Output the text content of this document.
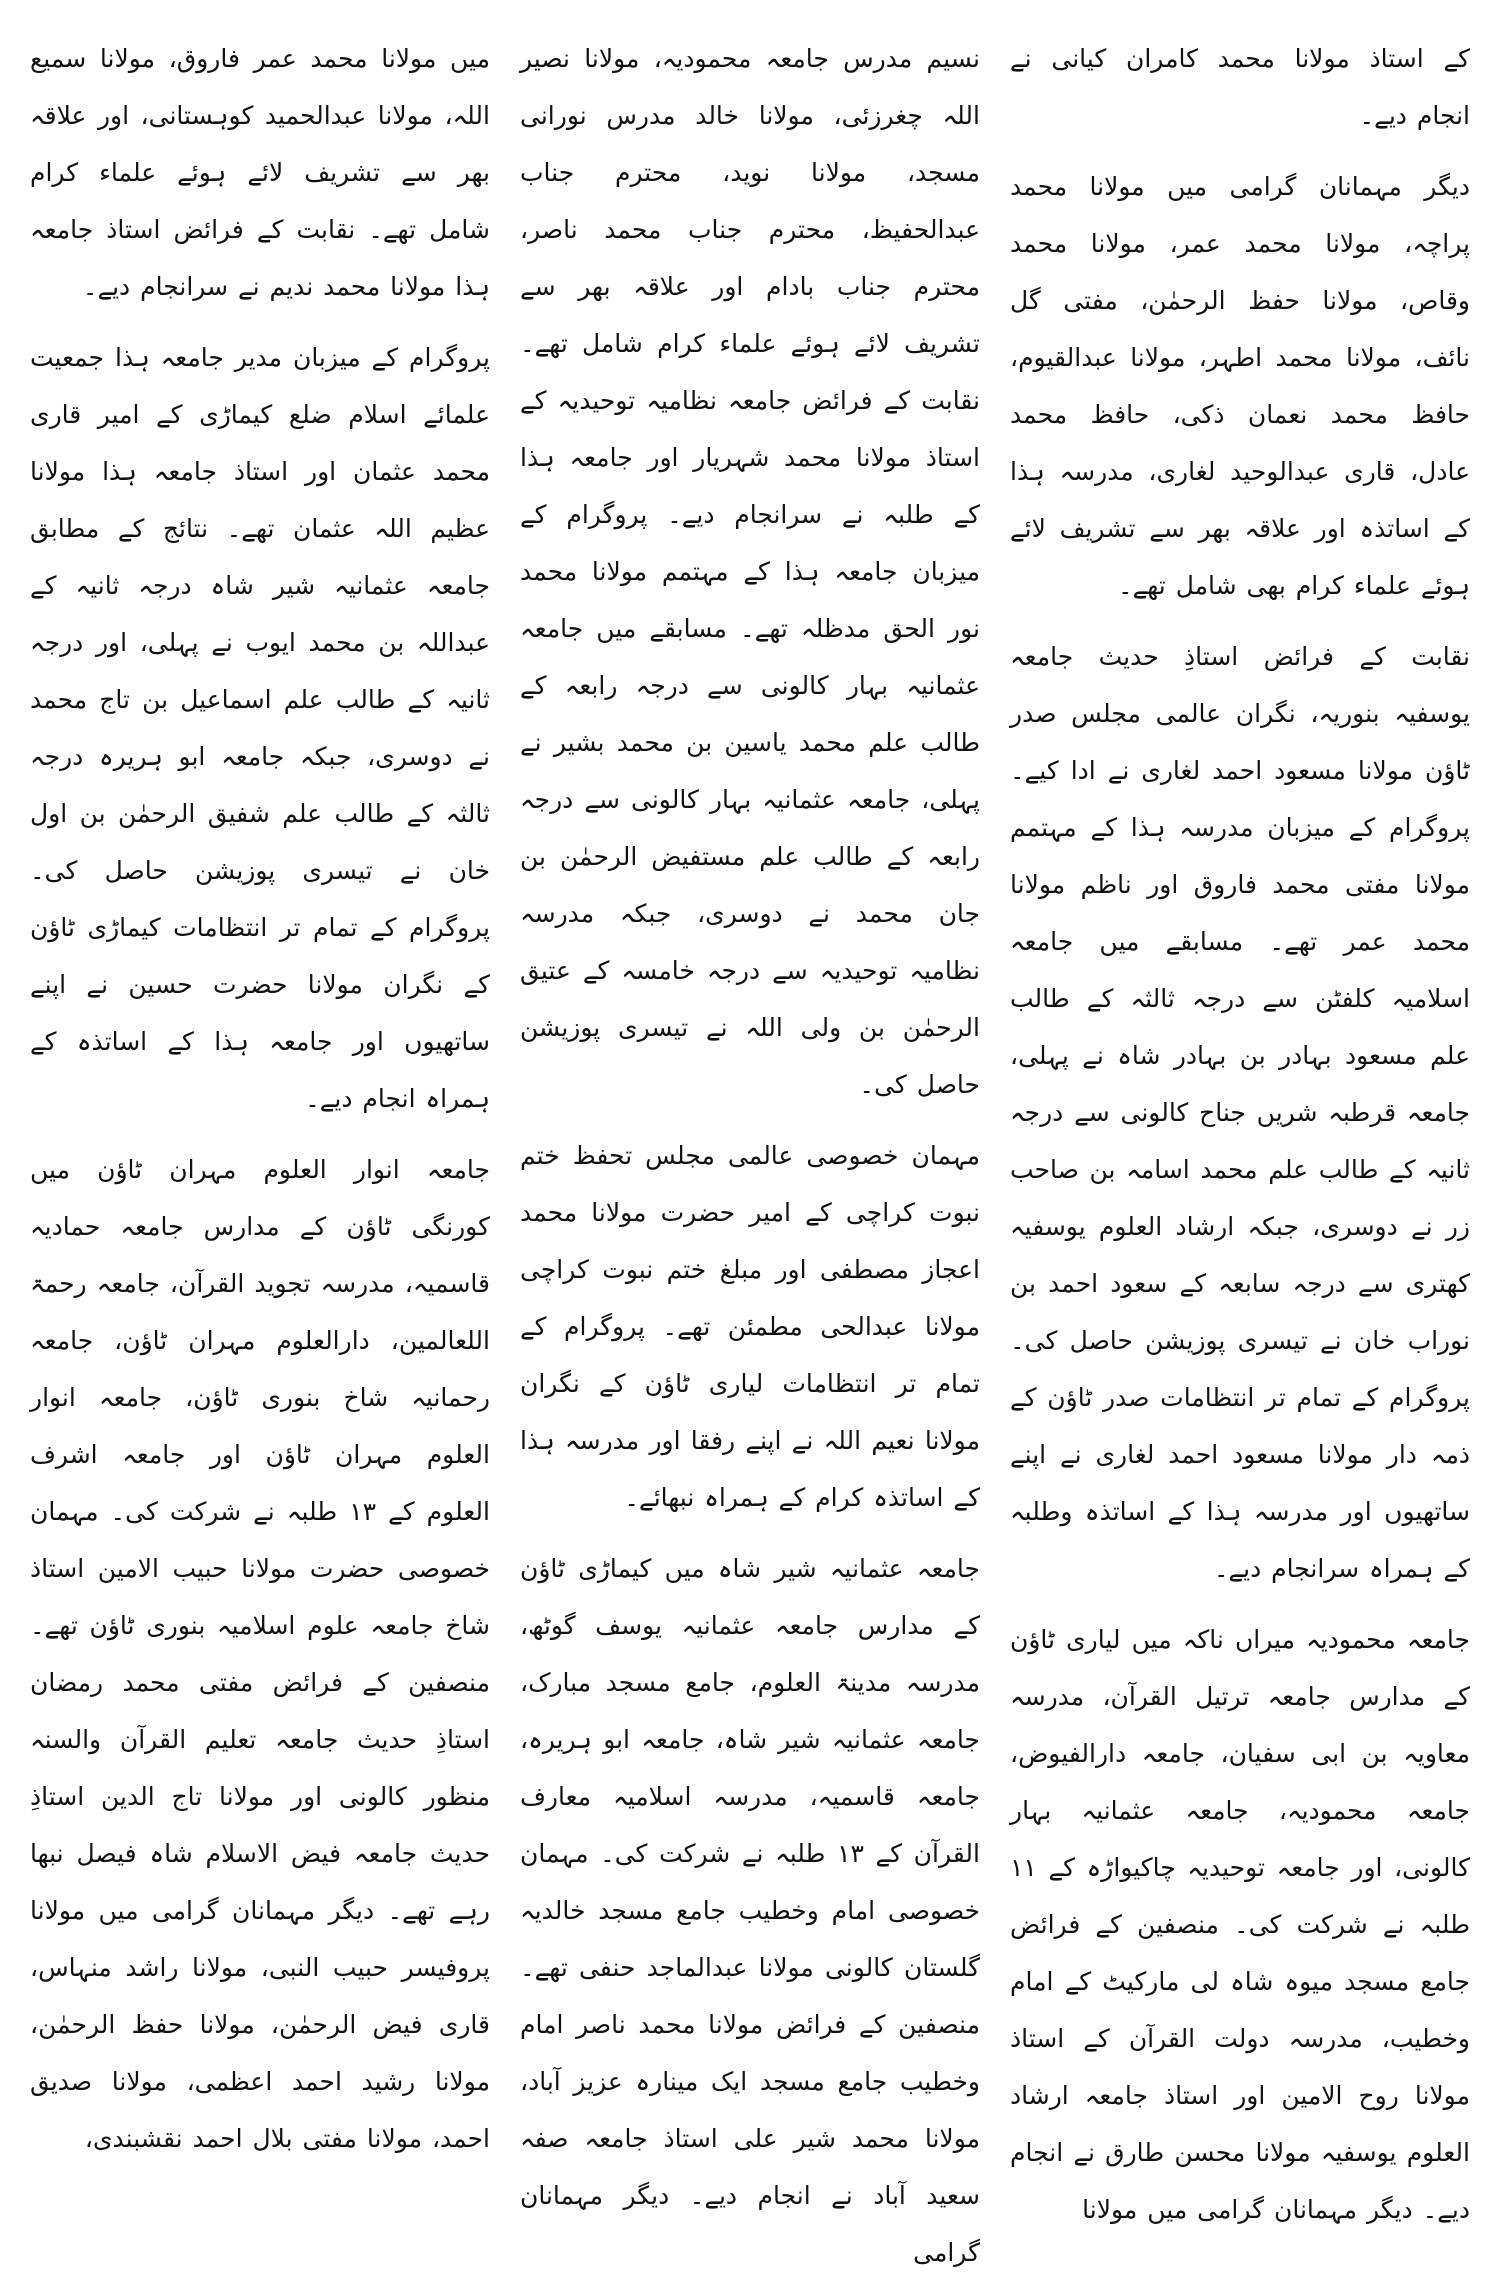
کے استاذ مولانا محمد کامران کیانی نے انجام دیے۔

دیگر مہمانان گرامی میں مولانا محمد پراچہ، مولانا محمد عمر، مولانا محمد وقاص، مولانا حفظ الرحمٰن، مفتی گل نائف، مولانا محمد اطہر، مولانا عبدالقیوم، حافظ محمد نعمان ذکی، حافظ محمد عادل، قاری عبدالوحید لغاری، مدرسہ ہذا کے اساتذہ اور علاقہ بھر سے تشریف لائے ہوئے علماء کرام بھی شامل تھے۔

نقابت کے فرائض استاذِ حدیث جامعہ یوسفیہ بنوریہ، نگران عالمی مجلس صدر ٹاؤن مولانا مسعود احمد لغاری نے ادا کیے۔ پروگرام کے میزبان مدرسہ ہذا کے مہتمم مولانا مفتی محمد فاروق اور ناظم مولانا محمد عمر تھے۔ مسابقے میں جامعہ اسلامیہ کلفٹن سے درجہ ثالثہ کے طالب علم مسعود بہادر بن بہادر شاہ نے پہلی، جامعہ قرطبہ شریں جناح کالونی سے درجہ ثانیہ کے طالب علم محمد اسامہ بن صاحب زر نے دوسری، جبکہ ارشاد العلوم یوسفیہ کھتری سے درجہ سابعہ کے سعود احمد بن نوراب خان نے تیسری پوزیشن حاصل کی۔ پروگرام کے تمام تر انتظامات صدر ٹاؤن کے ذمہ دار مولانا مسعود احمد لغاری نے اپنے ساتھیوں اور مدرسہ ہذا کے اساتذہ وطلبہ کے ہمراہ سرانجام دیے۔

جامعہ محمودیہ میراں ناکہ میں لیاری ٹاؤن کے مدارس جامعہ ترتیل القرآن، مدرسہ معاویہ بن ابی سفیان، جامعہ دارالفیوض، جامعہ محمودیہ، جامعہ عثمانیہ بہار کالونی، اور جامعہ توحیدیہ چاکیواڑہ کے ۱۱ طلبہ نے شرکت کی۔ منصفین کے فرائض جامع مسجد میوہ شاہ لی مارکیٹ کے امام وخطیب، مدرسہ دولت القرآن کے استاذ مولانا روح الامین اور استاذ جامعہ ارشاد العلوم یوسفیہ مولانا محسن طارق نے انجام دیے۔ دیگر مہمانان گرامی میں مولانا

نسیم مدرس جامعہ محمودیہ، مولانا نصیر اللہ چغرزئی، مولانا خالد مدرس نورانی مسجد، مولانا نوید، محترم جناب عبدالحفیظ، محترم جناب محمد ناصر، محترم جناب بادام اور علاقہ بھر سے تشریف لائے ہوئے علماء کرام شامل تھے۔ نقابت کے فرائض جامعہ نظامیہ توحیدیہ کے استاذ مولانا محمد شہریار اور جامعہ ہذا کے طلبہ نے سرانجام دیے۔ پروگرام کے میزبان جامعہ ہذا کے مہتمم مولانا محمد نور الحق مدظلہ تھے۔ مسابقے میں جامعہ عثمانیہ بہار کالونی سے درجہ رابعہ کے طالب علم محمد یاسین بن محمد بشیر نے پہلی، جامعہ عثمانیہ بہار کالونی سے درجہ رابعہ کے طالب علم مستفیض الرحمٰن بن جان محمد نے دوسری، جبکہ مدرسہ نظامیہ توحیدیہ سے درجہ خامسہ کے عتیق الرحمٰن بن ولی اللہ نے تیسری پوزیشن حاصل کی۔

مہمان خصوصی عالمی مجلس تحفظ ختم نبوت کراچی کے امیر حضرت مولانا محمد اعجاز مصطفی اور مبلغ ختم نبوت کراچی مولانا عبدالحی مطمئن تھے۔ پروگرام کے تمام تر انتظامات لیاری ٹاؤن کے نگران مولانا نعیم اللہ نے اپنے رفقا اور مدرسہ ہذا کے اساتذہ کرام کے ہمراہ نبھائے۔

جامعہ عثمانیہ شیر شاہ میں کیماڑی ٹاؤن کے مدارس جامعہ عثمانیہ یوسف گوٹھ، مدرسہ مدینۃ العلوم، جامع مسجد مبارک، جامعہ عثمانیہ شیر شاہ، جامعہ ابو ہریرہ، جامعہ قاسمیہ، مدرسہ اسلامیہ معارف القرآن کے ۱۳ طلبہ نے شرکت کی۔ مہمان خصوصی امام وخطیب جامع مسجد خالدیہ گلستان کالونی مولانا عبدالماجد حنفی تھے۔ منصفین کے فرائض مولانا محمد ناصر امام وخطیب جامع مسجد ایک مینارہ عزیز آباد، مولانا محمد شیر علی استاذ جامعہ صفہ سعید آباد نے انجام دیے۔ دیگر مہمانان گرامی

میں مولانا محمد عمر فاروق، مولانا سمیع اللہ، مولانا عبدالحمید کوہستانی، اور علاقہ بھر سے تشریف لائے ہوئے علماء کرام شامل تھے۔ نقابت کے فرائض استاذ جامعہ ہذا مولانا محمد ندیم نے سرانجام دیے۔

پروگرام کے میزبان مدیر جامعہ ہذا جمعیت علمائے اسلام ضلع کیماڑی کے امیر قاری محمد عثمان اور استاذ جامعہ ہذا مولانا عظیم اللہ عثمان تھے۔ نتائج کے مطابق جامعہ عثمانیہ شیر شاہ درجہ ثانیہ کے عبداللہ بن محمد ایوب نے پہلی، اور درجہ ثانیہ کے طالب علم اسماعیل بن تاج محمد نے دوسری، جبکہ جامعہ ابو ہریرہ درجہ ثالثہ کے طالب علم شفیق الرحمٰن بن اول خان نے تیسری پوزیشن حاصل کی۔ پروگرام کے تمام تر انتظامات کیماڑی ٹاؤن کے نگران مولانا حضرت حسین نے اپنے ساتھیوں اور جامعہ ہذا کے اساتذہ کے ہمراہ انجام دیے۔

جامعہ انوار العلوم مہران ٹاؤن میں کورنگی ٹاؤن کے مدارس جامعہ حمادیہ قاسمیہ، مدرسہ تجوید القرآن، جامعہ رحمۃ اللعالمین، دارالعلوم مہران ٹاؤن، جامعہ رحمانیہ شاخ بنوری ٹاؤن، جامعہ انوار العلوم مہران ٹاؤن اور جامعہ اشرف العلوم کے ۱۳ طلبہ نے شرکت کی۔ مہمان خصوصی حضرت مولانا حبیب الامین استاذ شاخ جامعہ علوم اسلامیہ بنوری ٹاؤن تھے۔ منصفین کے فرائض مفتی محمد رمضان استاذِ حدیث جامعہ تعلیم القرآن والسنہ منظور کالونی اور مولانا تاج الدین استاذِ حدیث جامعہ فیض الاسلام شاہ فیصل نبھا رہے تھے۔ دیگر مہمانان گرامی میں مولانا پروفیسر حبیب النبی، مولانا راشد منہاس، قاری فیض الرحمٰن، مولانا حفظ الرحمٰن، مولانا رشید احمد اعظمی، مولانا صدیق احمد، مولانا مفتی بلال احمد نقشبندی،
